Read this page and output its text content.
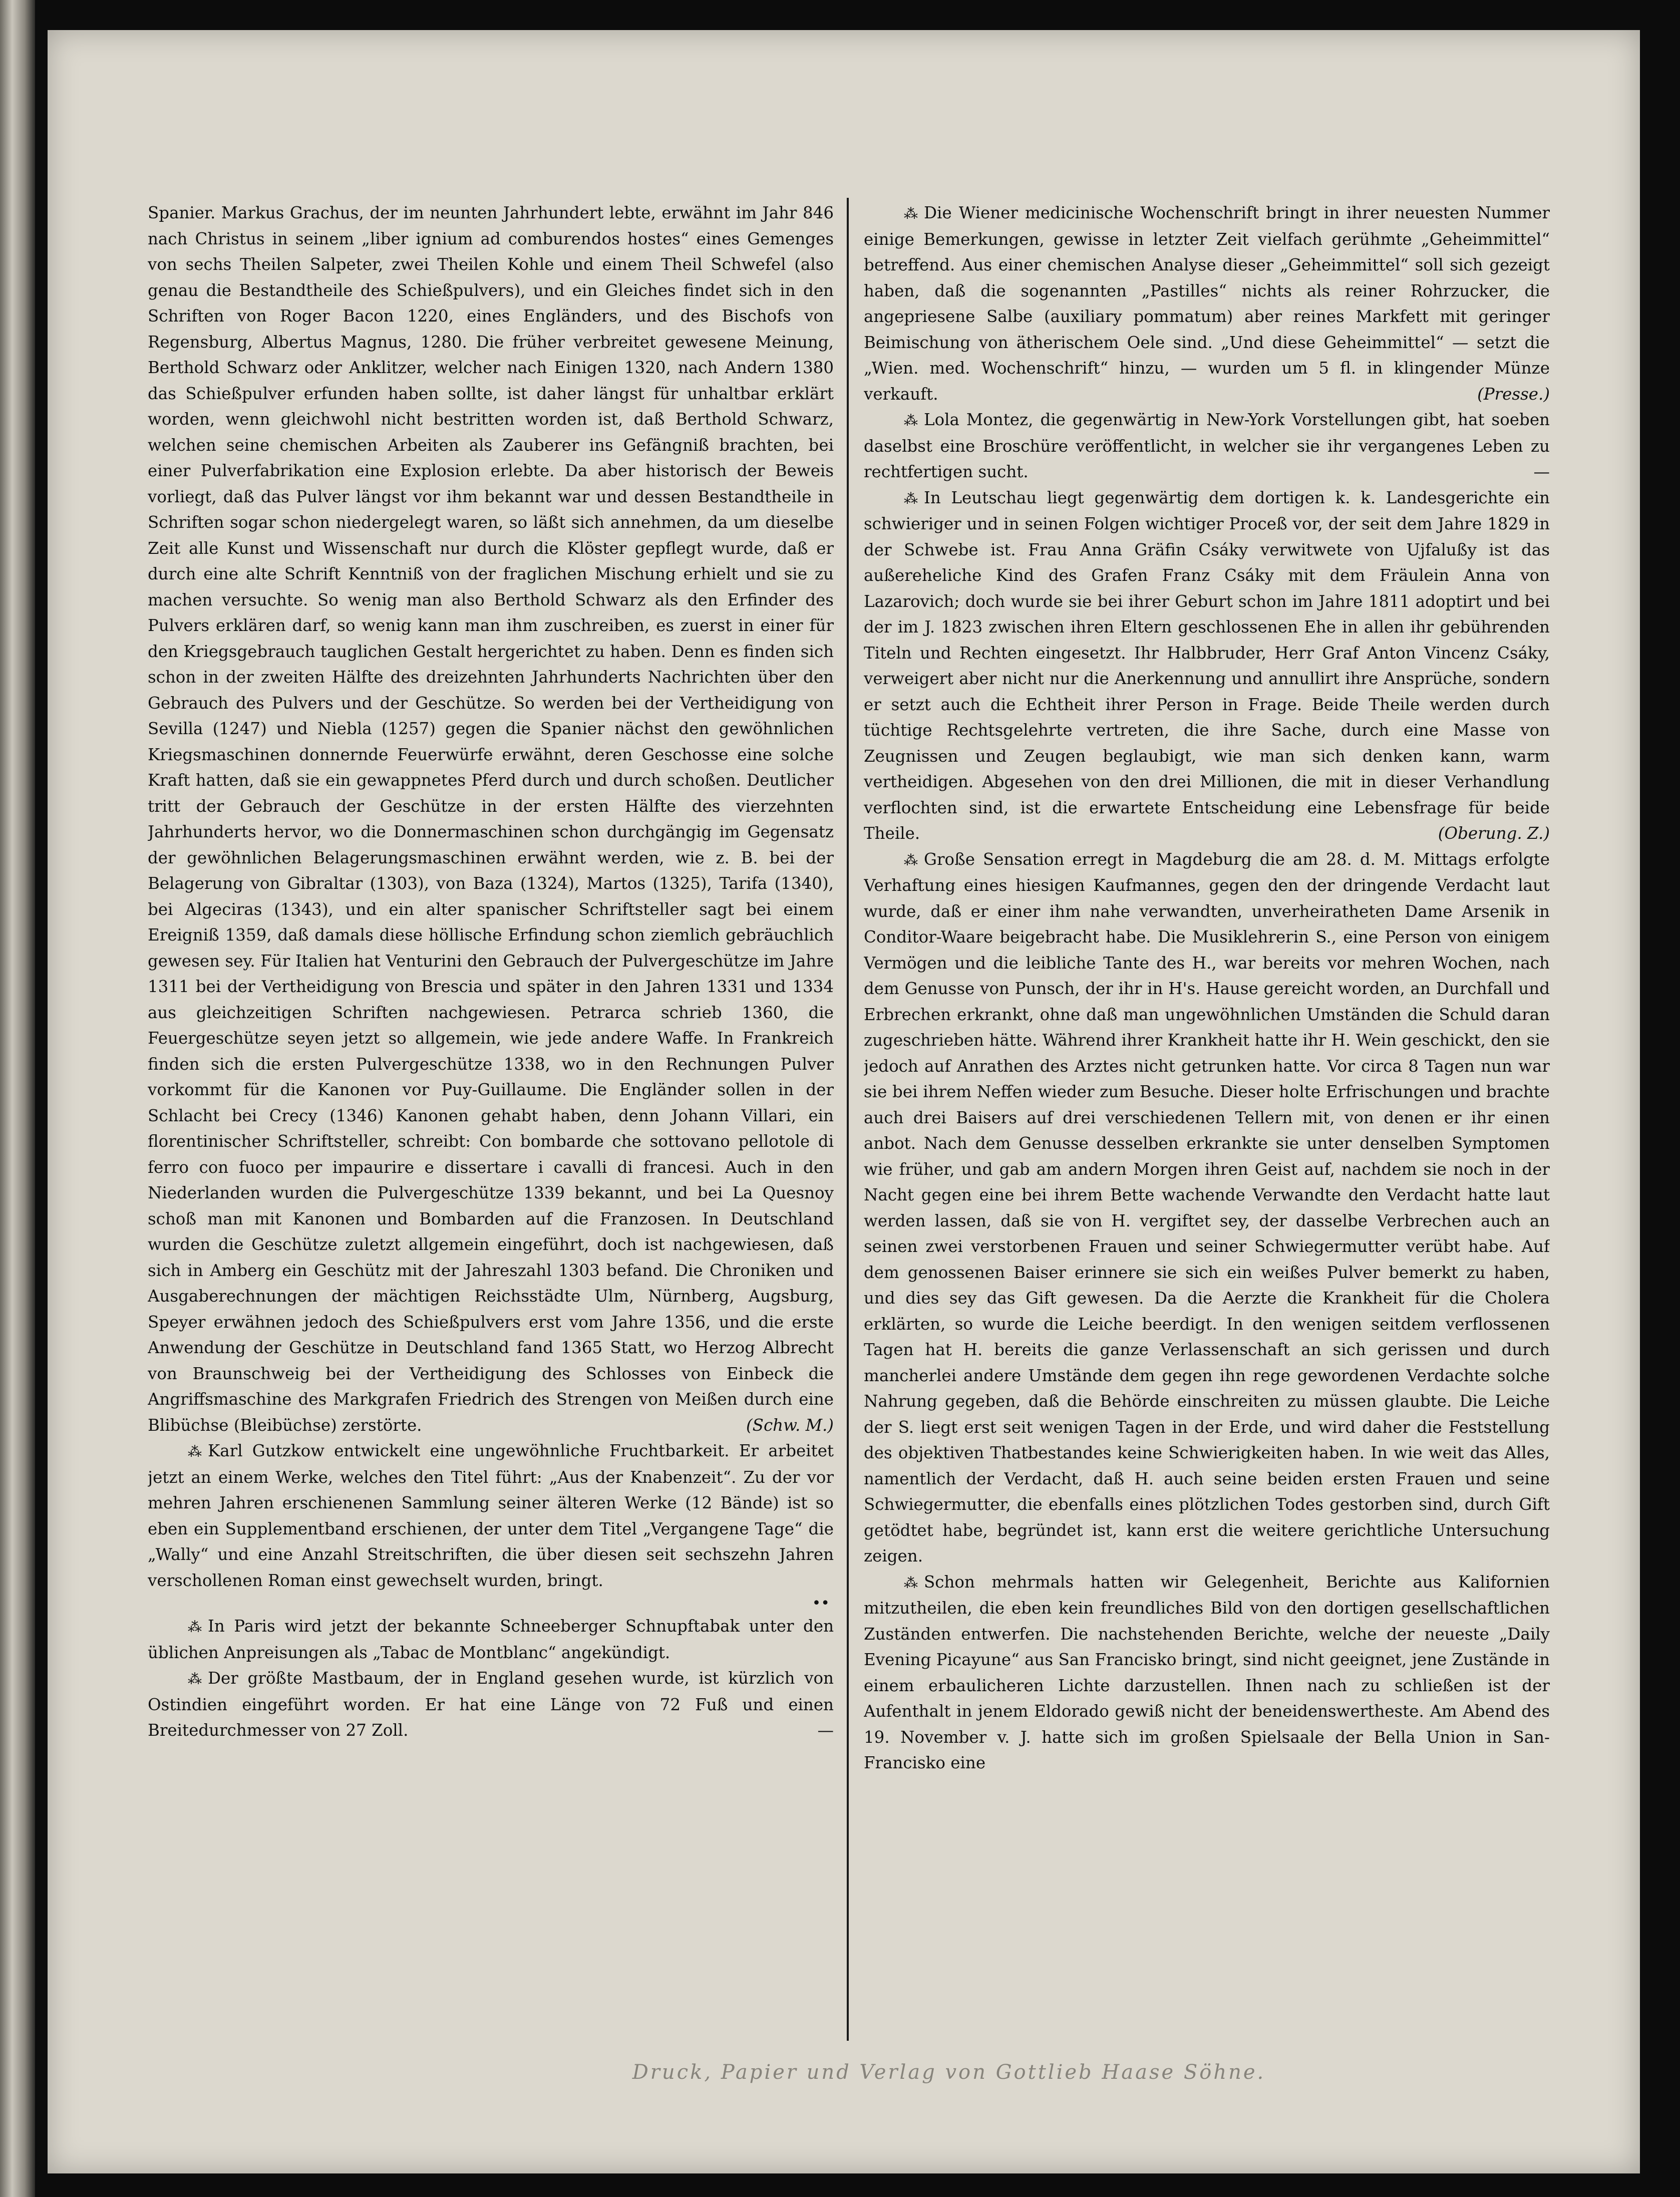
Spanier. Markus Grachus, der im neunten Jahrhundert lebte, erwähnt im Jahr 846 nach Christus in seinem „liber ignium ad comburendos hostes“ eines Gemenges von sechs Theilen Salpeter, zwei Theilen Kohle und einem Theil Schwefel (also genau die Bestandtheile des Schießpulvers), und ein Gleiches findet sich in den Schriften von Roger Bacon 1220, eines Engländers, und des Bischofs von Regensburg, Albertus Magnus, 1280. Die früher verbreitet gewesene Meinung, Berthold Schwarz oder Anklitzer, welcher nach Einigen 1320, nach Andern 1380 das Schießpulver erfunden haben sollte, ist daher längst für unhaltbar erklärt worden, wenn gleichwohl nicht bestritten worden ist, daß Berthold Schwarz, welchen seine chemischen Arbeiten als Zauberer ins Gefängniß brachten, bei einer Pulverfabrikation eine Explosion erlebte. Da aber historisch der Beweis vorliegt, daß das Pulver längst vor ihm bekannt war und dessen Bestandtheile in Schriften sogar schon niedergelegt waren, so läßt sich annehmen, da um dieselbe Zeit alle Kunst und Wissenschaft nur durch die Klöster gepflegt wurde, daß er durch eine alte Schrift Kenntniß von der fraglichen Mischung erhielt und sie zu machen versuchte. So wenig man also Berthold Schwarz als den Erfinder des Pulvers erklären darf, so wenig kann man ihm zuschreiben, es zuerst in einer für den Kriegsgebrauch tauglichen Gestalt hergerichtet zu haben. Denn es finden sich schon in der zweiten Hälfte des dreizehnten Jahrhunderts Nachrichten über den Gebrauch des Pulvers und der Geschütze. So werden bei der Vertheidigung von Sevilla (1247) und Niebla (1257) gegen die Spanier nächst den gewöhnlichen Kriegsmaschinen donnernde Feuerwürfe erwähnt, deren Geschosse eine solche Kraft hatten, daß sie ein gewappnetes Pferd durch und durch schoßen. Deutlicher tritt der Gebrauch der Geschütze in der ersten Hälfte des vierzehnten Jahrhunderts hervor, wo die Donnermaschinen schon durchgängig im Gegensatz der gewöhnlichen Belagerungsmaschinen erwähnt werden, wie z. B. bei der Belagerung von Gibraltar (1303), von Baza (1324), Martos (1325), Tarifa (1340), bei Algeciras (1343), und ein alter spanischer Schriftsteller sagt bei einem Ereigniß 1359, daß damals diese höllische Erfindung schon ziemlich gebräuchlich gewesen sey. Für Italien hat Venturini den Gebrauch der Pulvergeschütze im Jahre 1311 bei der Vertheidigung von Brescia und später in den Jahren 1331 und 1334 aus gleichzeitigen Schriften nachgewiesen. Petrarca schrieb 1360, die Feuergeschütze seyen jetzt so allgemein, wie jede andere Waffe. In Frankreich finden sich die ersten Pulvergeschütze 1338, wo in den Rechnungen Pulver vorkommt für die Kanonen vor Puy-Guillaume. Die Engländer sollen in der Schlacht bei Crecy (1346) Kanonen gehabt haben, denn Johann Villari, ein florentinischer Schriftsteller, schreibt: Con bombarde che sottovano pellotole di ferro con fuoco per impaurire e dissertare i cavalli di francesi. Auch in den Niederlanden wurden die Pulvergeschütze 1339 bekannt, und bei La Quesnoy schoß man mit Kanonen und Bombarden auf die Franzosen. In Deutschland wurden die Geschütze zuletzt allgemein eingeführt, doch ist nachgewiesen, daß sich in Amberg ein Geschütz mit der Jahreszahl 1303 befand. Die Chroniken und Ausgaberechnungen der mächtigen Reichsstädte Ulm, Nürnberg, Augsburg, Speyer erwähnen jedoch des Schießpulvers erst vom Jahre 1356, und die erste Anwendung der Geschütze in Deutschland fand 1365 Statt, wo Herzog Albrecht von Braunschweig bei der Vertheidigung des Schlosses von Einbeck die Angriffsmaschine des Markgrafen Friedrich des Strengen von Meißen durch eine Blibüchse (Bleibüchse) zerstörte.	(Schw. M.)

⁂ Karl Gutzkow entwickelt eine ungewöhnliche Fruchtbarkeit. Er arbeitet jetzt an einem Werke, welches den Titel führt: „Aus der Knabenzeit“. Zu der vor mehren Jahren erschienenen Sammlung seiner älteren Werke (12 Bände) ist so eben ein Supplementband erschienen, der unter dem Titel „Vergangene Tage“ die „Wally“ und eine Anzahl Streitschriften, die über diesen seit sechszehn Jahren verschollenen Roman einst gewechselt wurden, bringt.

••

⁂ In Paris wird jetzt der bekannte Schneeberger Schnupftabak unter den üblichen Anpreisungen als „Tabac de Montblanc“ angekündigt.

⁂ Der größte Mastbaum, der in England gesehen wurde, ist kürzlich von Ostindien eingeführt worden. Er hat eine Länge von 72 Fuß und einen Breitedurchmesser von 27 Zoll.	—

⁂ Die Wiener medicinische Wochenschrift bringt in ihrer neuesten Nummer einige Bemerkungen, gewisse in letzter Zeit vielfach gerühmte „Geheimmittel“ betreffend. Aus einer chemischen Analyse dieser „Geheimmittel“ soll sich gezeigt haben, daß die sogenannten „Pastilles“ nichts als reiner Rohrzucker, die angepriesene Salbe (auxiliary pommatum) aber reines Markfett mit geringer Beimischung von ätherischem Oele sind. „Und diese Geheimmittel“ — setzt die „Wien. med. Wochenschrift“ hinzu, — wurden um 5 fl. in klingender Münze verkauft.	(Presse.)

⁂ Lola Montez, die gegenwärtig in New-York Vorstellungen gibt, hat soeben daselbst eine Broschüre veröffentlicht, in welcher sie ihr vergangenes Leben zu rechtfertigen sucht.	—

⁂ In Leutschau liegt gegenwärtig dem dortigen k. k. Landesgerichte ein schwieriger und in seinen Folgen wichtiger Proceß vor, der seit dem Jahre 1829 in der Schwebe ist. Frau Anna Gräfin Csáky verwitwete von Ujfalußy ist das außereheliche Kind des Grafen Franz Csáky mit dem Fräulein Anna von Lazarovich; doch wurde sie bei ihrer Geburt schon im Jahre 1811 adoptirt und bei der im J. 1823 zwischen ihren Eltern geschlossenen Ehe in allen ihr gebührenden Titeln und Rechten eingesetzt. Ihr Halbbruder, Herr Graf Anton Vincenz Csáky, verweigert aber nicht nur die Anerkennung und annullirt ihre Ansprüche, sondern er setzt auch die Echtheit ihrer Person in Frage. Beide Theile werden durch tüchtige Rechtsgelehrte vertreten, die ihre Sache, durch eine Masse von Zeugnissen und Zeugen beglaubigt, wie man sich denken kann, warm vertheidigen. Abgesehen von den drei Millionen, die mit in dieser Verhandlung verflochten sind, ist die erwartete Entscheidung eine Lebensfrage für beide Theile.	(Oberung. Z.)

⁂ Große Sensation erregt in Magdeburg die am 28. d. M. Mittags erfolgte Verhaftung eines hiesigen Kaufmannes, gegen den der dringende Verdacht laut wurde, daß er einer ihm nahe verwandten, unverheiratheten Dame Arsenik in Conditor-Waare beigebracht habe. Die Musiklehrerin S., eine Person von einigem Vermögen und die leibliche Tante des H., war bereits vor mehren Wochen, nach dem Genusse von Punsch, der ihr in H's. Hause gereicht worden, an Durchfall und Erbrechen erkrankt, ohne daß man ungewöhnlichen Umständen die Schuld daran zugeschrieben hätte. Während ihrer Krankheit hatte ihr H. Wein geschickt, den sie jedoch auf Anrathen des Arztes nicht getrunken hatte. Vor circa 8 Tagen nun war sie bei ihrem Neffen wieder zum Besuche. Dieser holte Erfrischungen und brachte auch drei Baisers auf drei verschiedenen Tellern mit, von denen er ihr einen anbot. Nach dem Genusse desselben erkrankte sie unter denselben Symptomen wie früher, und gab am andern Morgen ihren Geist auf, nachdem sie noch in der Nacht gegen eine bei ihrem Bette wachende Verwandte den Verdacht hatte laut werden lassen, daß sie von H. vergiftet sey, der dasselbe Verbrechen auch an seinen zwei verstorbenen Frauen und seiner Schwiegermutter verübt habe. Auf dem genossenen Baiser erinnere sie sich ein weißes Pulver bemerkt zu haben, und dies sey das Gift gewesen. Da die Aerzte die Krankheit für die Cholera erklärten, so wurde die Leiche beerdigt. In den wenigen seitdem verflossenen Tagen hat H. bereits die ganze Verlassenschaft an sich gerissen und durch mancherlei andere Umstände dem gegen ihn rege gewordenen Verdachte solche Nahrung gegeben, daß die Behörde einschreiten zu müssen glaubte. Die Leiche der S. liegt erst seit wenigen Tagen in der Erde, und wird daher die Feststellung des objektiven Thatbestandes keine Schwierigkeiten haben. In wie weit das Alles, namentlich der Verdacht, daß H. auch seine beiden ersten Frauen und seine Schwiegermutter, die ebenfalls eines plötzlichen Todes gestorben sind, durch Gift getödtet habe, begründet ist, kann erst die weitere gerichtliche Untersuchung zeigen.

⁂ Schon mehrmals hatten wir Gelegenheit, Berichte aus Kalifornien mitzutheilen, die eben kein freundliches Bild von den dortigen gesellschaftlichen Zuständen entwerfen. Die nachstehenden Berichte, welche der neueste „Daily Evening Picayune“ aus San Francisko bringt, sind nicht geeignet, jene Zustände in einem erbaulicheren Lichte darzustellen. Ihnen nach zu schließen ist der Aufenthalt in jenem Eldorado gewiß nicht der beneidenswertheste. Am Abend des 19. November v. J. hatte sich im großen Spielsaale der Bella Union in San-Francisko eine

Druck, Papier und Verlag von Gottlieb Haase Söhne.
